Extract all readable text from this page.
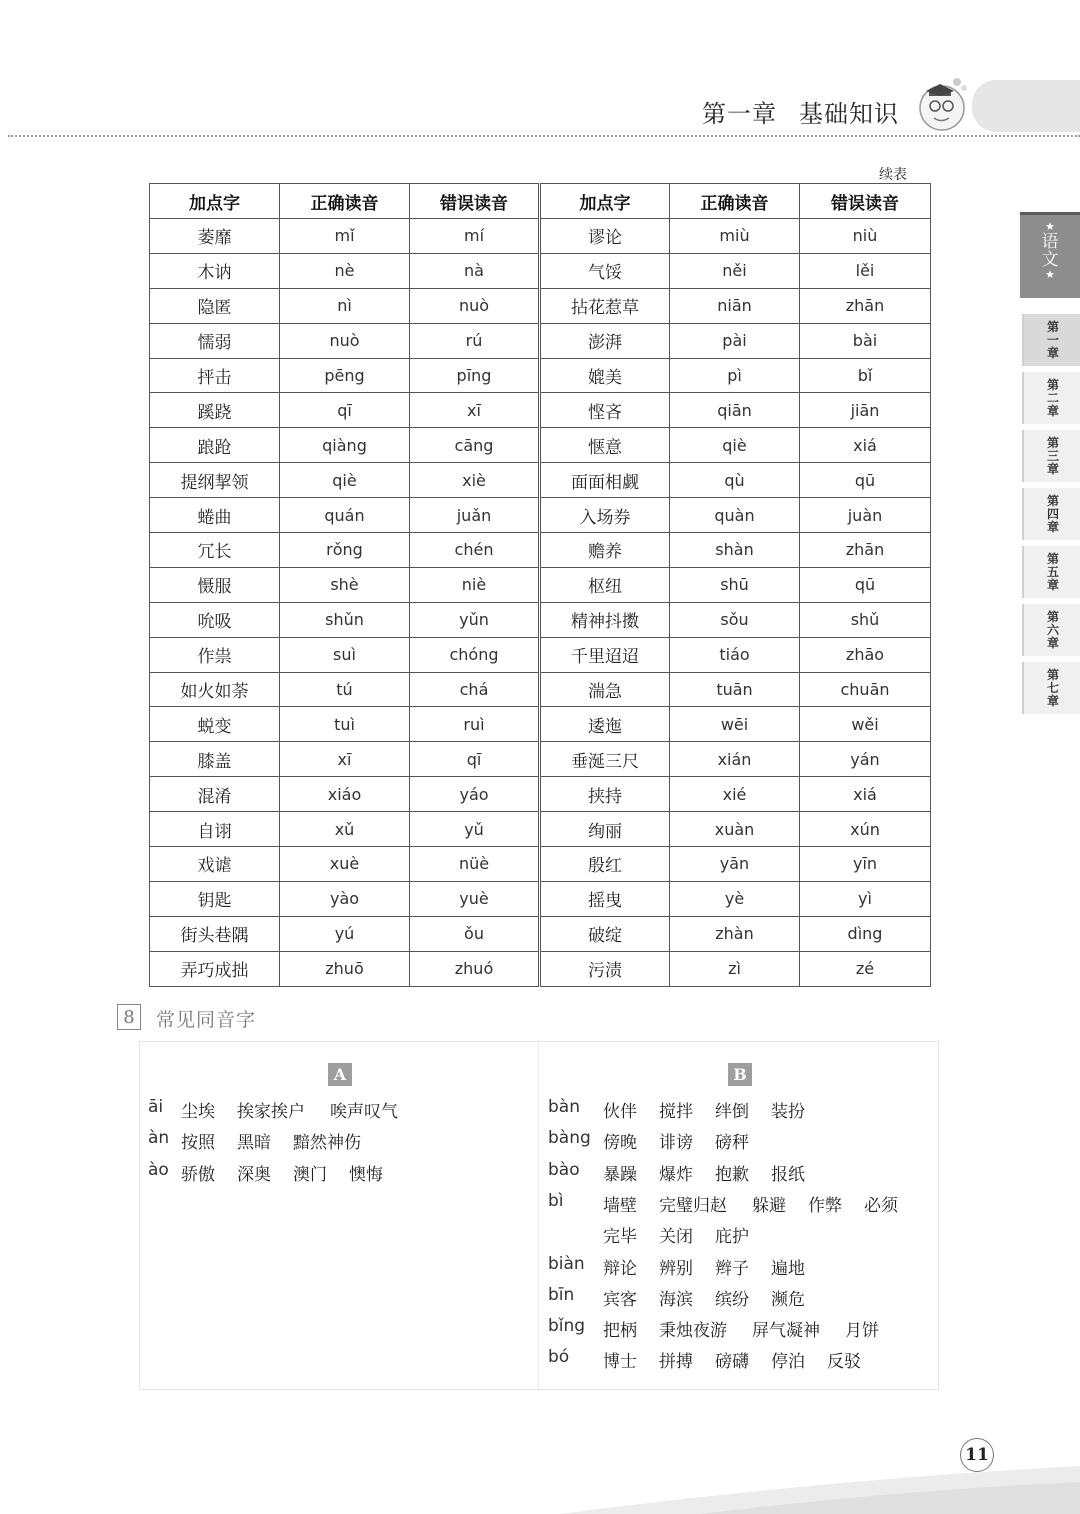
第一章 基础知识
★
语文
★
第
一
章
第
二
章
第
三
章
第
四
章
第
五
章
第
六
章
第
七
章
续表
加点字	正确读音	错误读音	加点字	正确读音	错误读音
萎靡	mǐ	mí	谬论	miù	niù
木讷	nè	nà	气馁	něi	lěi
隐匿	nì	nuò	拈花惹草	niān	zhān
懦弱	nuò	rú	澎湃	pài	bài
抨击	pēng	pīng	媲美	pì	bǐ
蹊跷	qī	xī	悭吝	qiān	jiān
踉跄	qiàng	cāng	惬意	qiè	xiá
提纲挈领	qiè	xiè	面面相觑	qù	qū
蜷曲	quán	juǎn	入场券	quàn	juàn
冗长	rǒng	chén	赡养	shàn	zhān
慑服	shè	niè	枢纽	shū	qū
吮吸	shǔn	yǔn	精神抖擞	sǒu	shǔ
作祟	suì	chóng	千里迢迢	tiáo	zhāo
如火如荼	tú	chá	湍急	tuān	chuān
蜕变	tuì	ruì	逶迤	wēi	wěi
膝盖	xī	qī	垂涎三尺	xián	yán
混淆	xiáo	yáo	挟持	xié	xiá
自诩	xǔ	yǔ	绚丽	xuàn	xún
戏谑	xuè	nüè	殷红	yān	yīn
钥匙	yào	yuè	摇曳	yè	yì
街头巷隅	yú	ǒu	破绽	zhàn	dìng
弄巧成拙	zhuō	zhuó	污渍	zì	zé
8	常见同音字
A	B
āi 尘埃 挨家挨户 唉声叹气
àn 按照 黑暗 黯然神伤
ào 骄傲 深奥 澳门 懊悔
bàn 伙伴 搅拌 绊倒 装扮
bàng 傍晚 诽谤 磅秤
bào 暴躁 爆炸 抱歉 报纸
bì 墙壁 完璧归赵 躲避 作弊 必须
完毕 关闭 庇护
biàn 辩论 辨别 辫子 遍地
bīn 宾客 海滨 缤纷 濒危
bǐng 把柄 秉烛夜游 屏气凝神 月饼
bó 博士 拼搏 磅礴 停泊 反驳
11
